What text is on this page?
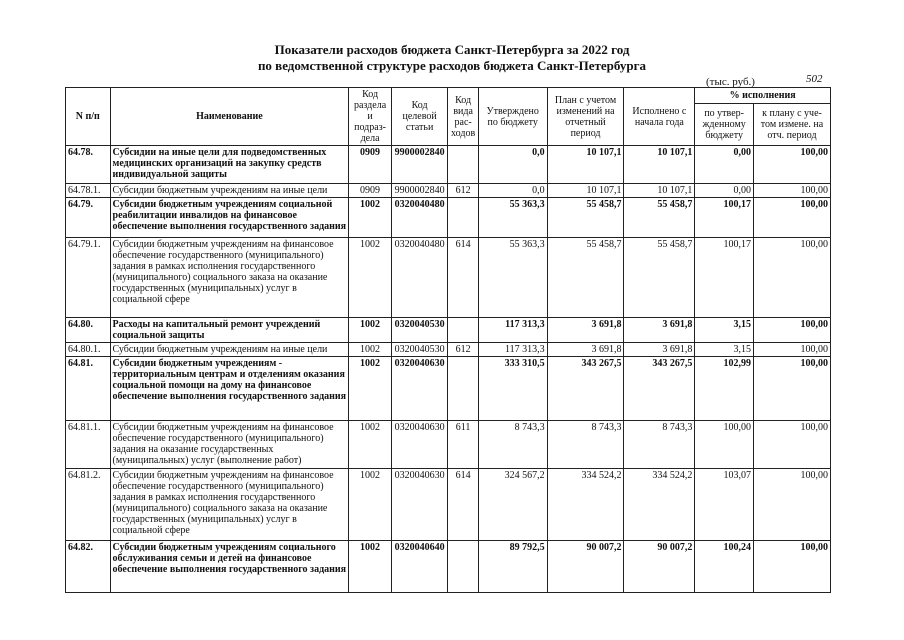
Показатели расходов бюджета Санкт-Петербурга за 2022 год
по ведомственной структуре расходов бюджета Санкт-Петербурга
(тыс. руб.)	502
N п/п	Наименование	Код раздела и подраз-дела	Код целевой статьи	Код вида рас-ходов	Утверждено по бюджету	План с учетом изменений на отчетный период	Исполнено с начала года	% исполнения	
								по утвер-жденному бюджету	к плану с уче-том измене. на отч. период
64.78.	Субсидии на иные цели для подведомственных медицинских организаций на закупку средств индивидуальной защиты	0909	9900002840		0,0	10 107,1	10 107,1	0,00	100,00
64.78.1.	Субсидии бюджетным учреждениям на иные цели	0909	9900002840	612	0,0	10 107,1	10 107,1	0,00	100,00
64.79.	Субсидии бюджетным учреждениям социальной реабилитации инвалидов на финансовое обеспечение выполнения государственного задания	1002	0320040480		55 363,3	55 458,7	55 458,7	100,17	100,00
64.79.1.	Субсидии бюджетным учреждениям на финансовое обеспечение государственного (муниципального) задания в рамках исполнения государственного (муниципального) социального заказа на оказание государственных (муниципальных) услуг в социальной сфере	1002	0320040480	614	55 363,3	55 458,7	55 458,7	100,17	100,00
64.80.	Расходы на капитальный ремонт учреждений социальной защиты	1002	0320040530		117 313,3	3 691,8	3 691,8	3,15	100,00
64.80.1.	Субсидии бюджетным учреждениям на иные цели	1002	0320040530	612	117 313,3	3 691,8	3 691,8	3,15	100,00
64.81.	Субсидии бюджетным учреждениям - территориальным центрам и отделениям оказания социальной помощи на дому на финансовое обеспечение выполнения государственного задания	1002	0320040630		333 310,5	343 267,5	343 267,5	102,99	100,00
64.81.1.	Субсидии бюджетным учреждениям на финансовое обеспечение государственного (муниципального) задания на оказание государственных (муниципальных) услуг (выполнение работ)	1002	0320040630	611	8 743,3	8 743,3	8 743,3	100,00	100,00
64.81.2.	Субсидии бюджетным учреждениям на финансовое обеспечение государственного (муниципального) задания в рамках исполнения государственного (муниципального) социального заказа на оказание государственных (муниципальных) услуг в социальной сфере	1002	0320040630	614	324 567,2	334 524,2	334 524,2	103,07	100,00
64.82.	Субсидии бюджетным учреждениям социального обслуживания семьи и детей на финансовое обеспечение выполнения государственного задания	1002	0320040640		89 792,5	90 007,2	90 007,2	100,24	100,00
